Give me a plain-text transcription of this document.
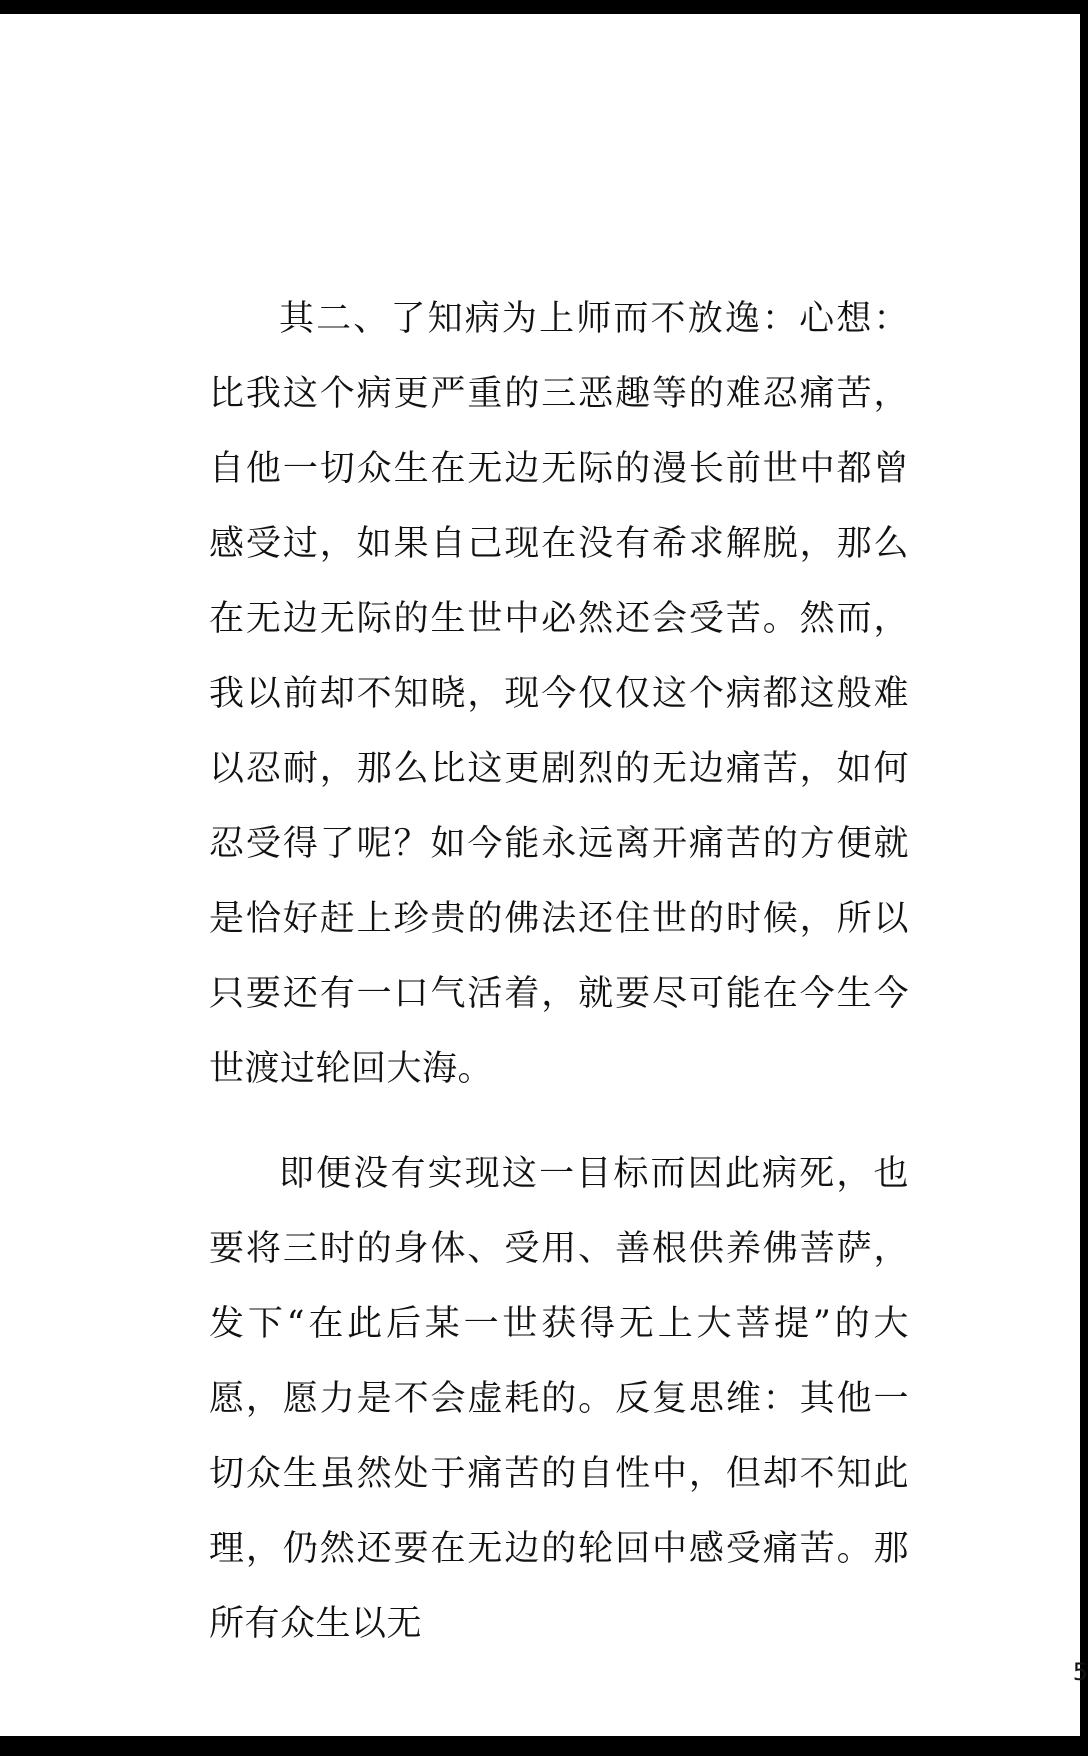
其二、了知病为上师而不放逸：心想：比我这个病更严重的三恶趣等的难忍痛苦，自他一切众生在无边无际的漫长前世中都曾感受过，如果自己现在没有希求解脱，那么在无边无际的生世中必然还会受苦。然而，我以前却不知晓，现今仅仅这个病都这般难以忍耐，那么比这更剧烈的无边痛苦，如何忍受得了呢？如今能永远离开痛苦的方便就是恰好赶上珍贵的佛法还住世的时候，所以只要还有一口气活着，就要尽可能在今生今世渡过轮回大海。

即便没有实现这一目标而因此病死，也要将三时的身体、受用、善根供养佛菩萨，发下“在此后某一世获得无上大菩提”的大愿，愿力是不会虚耗的。反复思维：其他一切众生虽然处于痛苦的自性中，但却不知此理，仍然还要在无边的轮回中感受痛苦。那所有众生以无

5
